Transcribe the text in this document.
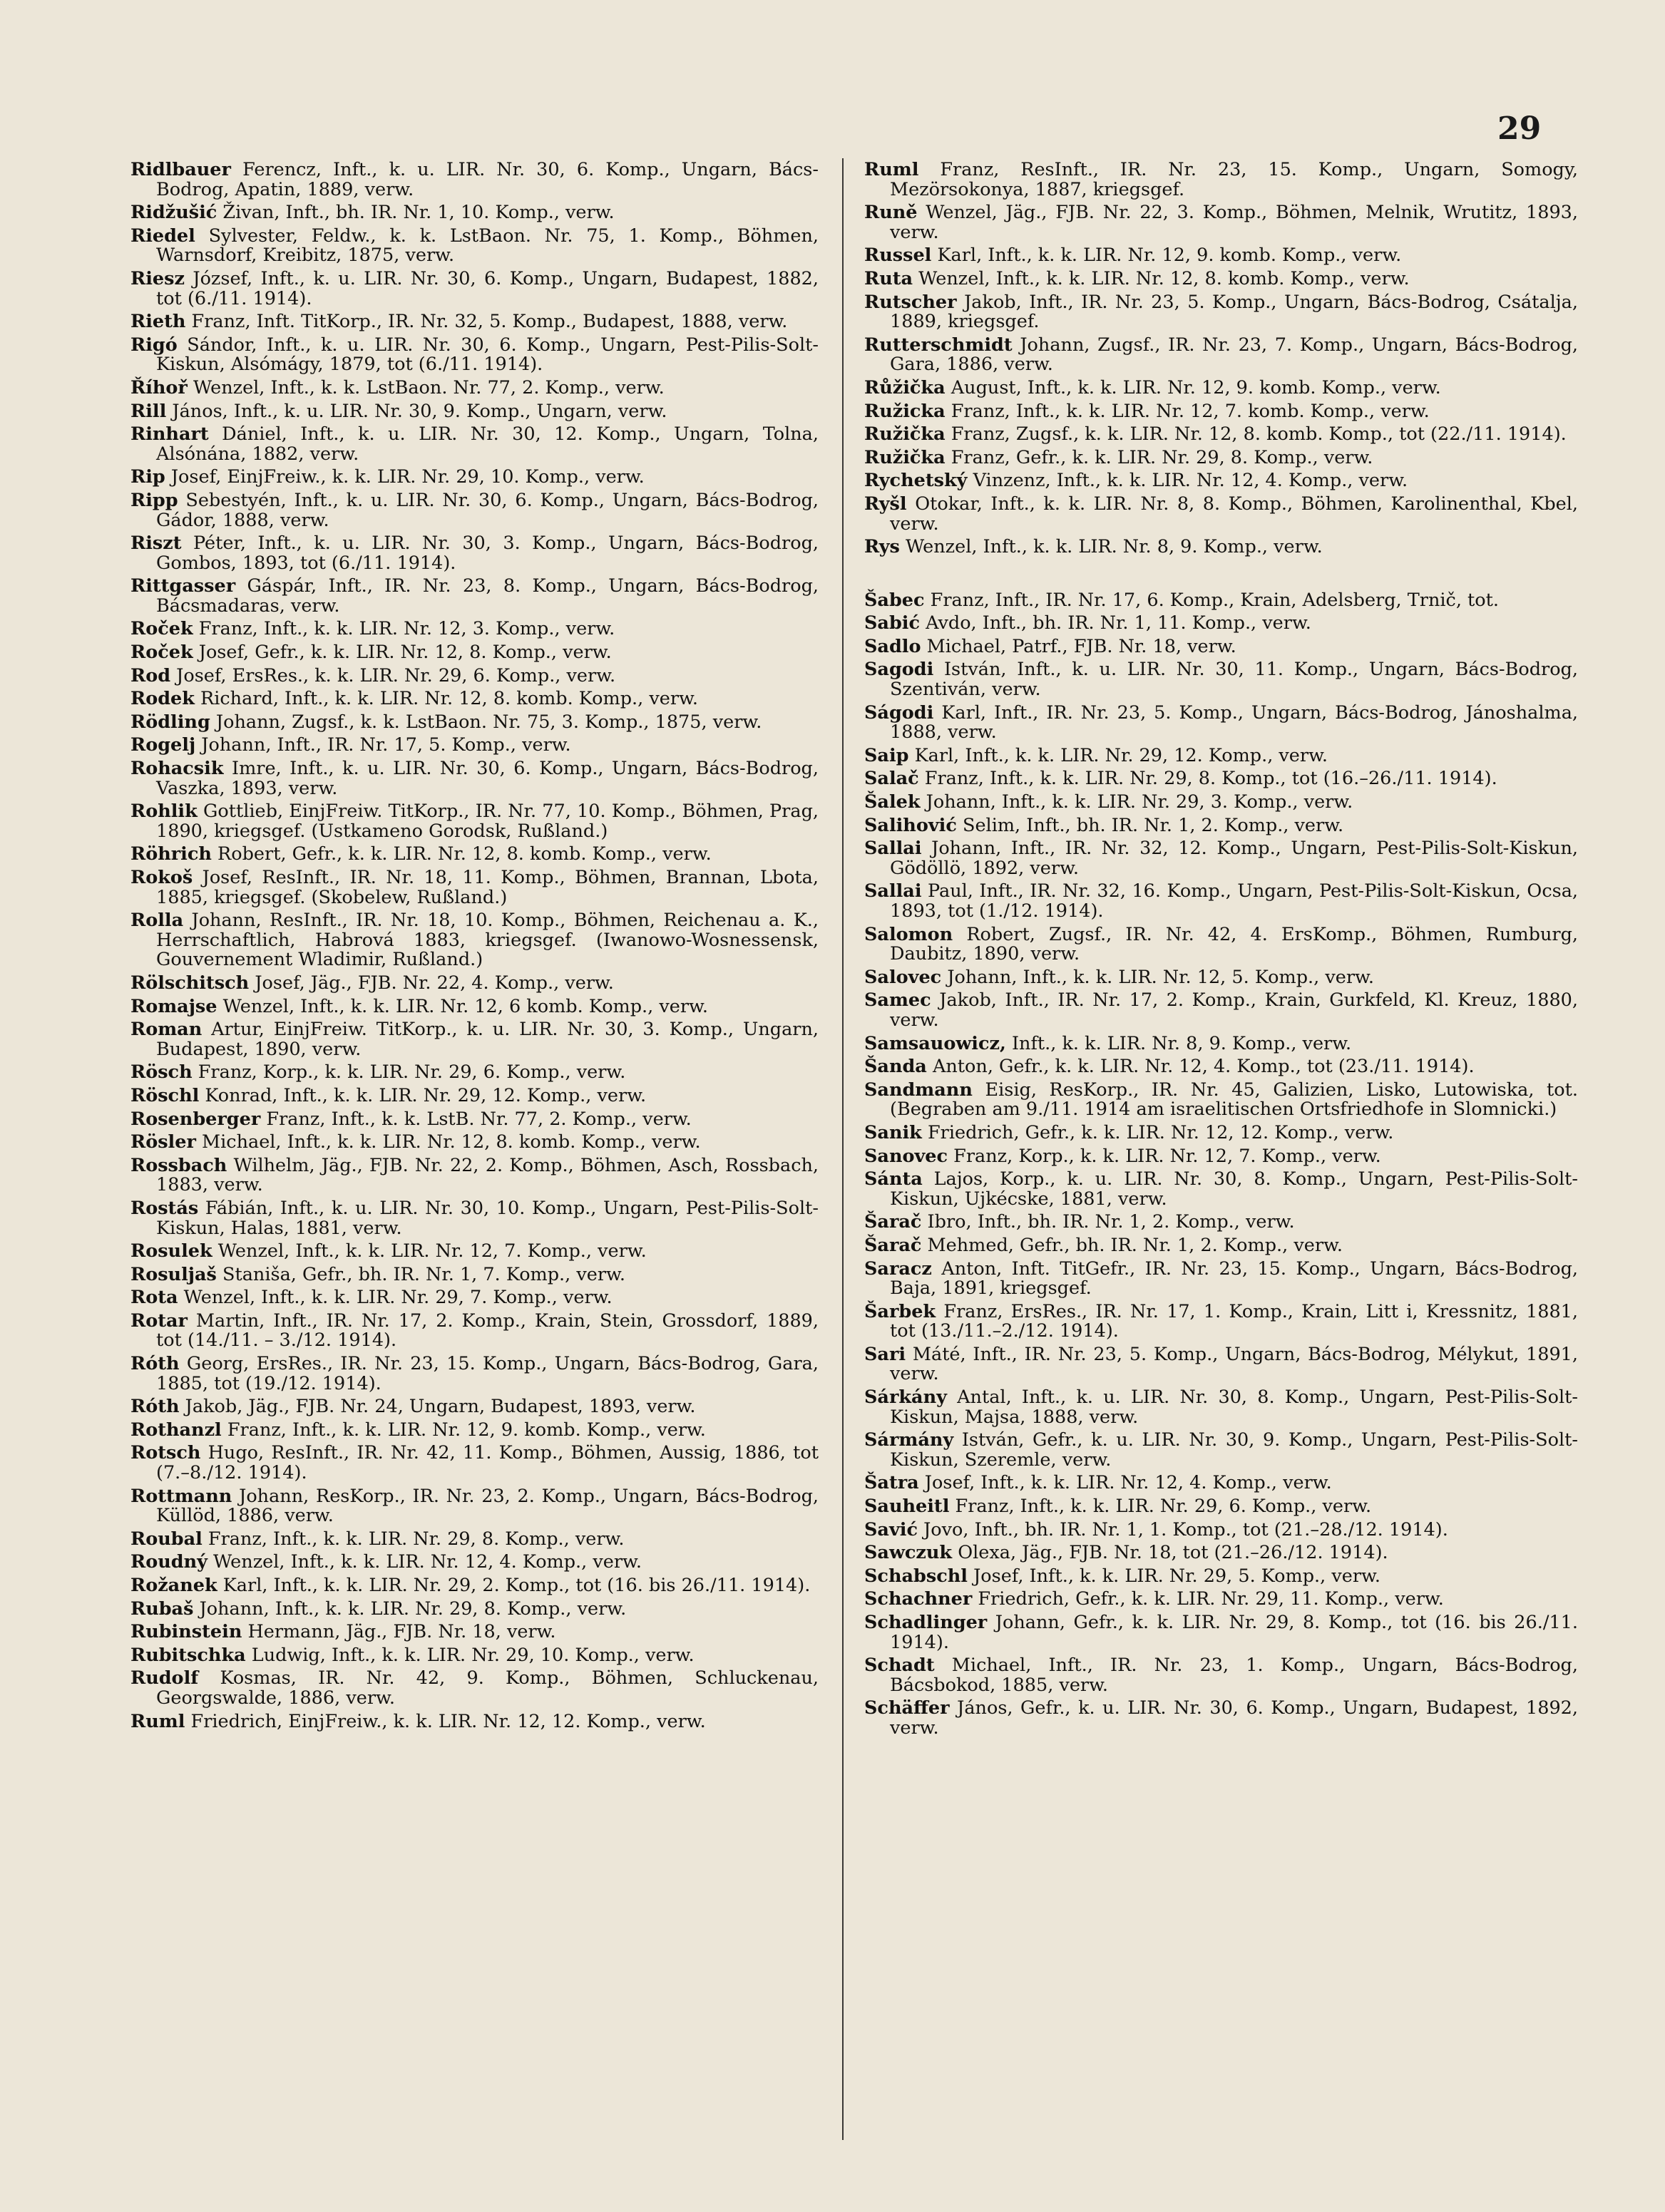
29
Ridlbauer Ferencz, Inft., k. u. LIR. Nr. 30, 6. Komp., Ungarn, Bács-Bodrog, Apatin, 1889, verw.
Ridžušić Živan, Inft., bh. IR. Nr. 1, 10. Komp., verw.
Riedel Sylvester, Feldw., k. k. LstBaon. Nr. 75, 1. Komp., Böhmen, Warnsdorf, Kreibitz, 1875, verw.
Riesz József, Inft., k. u. LIR. Nr. 30, 6. Komp., Ungarn, Budapest, 1882, tot (6./11. 1914).
Rieth Franz, Inft. TitKorp., IR. Nr. 32, 5. Komp., Budapest, 1888, verw.
Rigó Sándor, Inft., k. u. LIR. Nr. 30, 6. Komp., Ungarn, Pest-Pilis-Solt-Kiskun, Alsómágy, 1879, tot (6./11. 1914).
Říhoř Wenzel, Inft., k. k. LstBaon. Nr. 77, 2. Komp., verw.
Rill János, Inft., k. u. LIR. Nr. 30, 9. Komp., Ungarn, verw.
Rinhart Dániel, Inft., k. u. LIR. Nr. 30, 12. Komp., Ungarn, Tolna, Alsónána, 1882, verw.
Rip Josef, EinjFreiw., k. k. LIR. Nr. 29, 10. Komp., verw.
Ripp Sebestyén, Inft., k. u. LIR. Nr. 30, 6. Komp., Ungarn, Bács-Bodrog, Gádor, 1888, verw.
Riszt Péter, Inft., k. u. LIR. Nr. 30, 3. Komp., Ungarn, Bács-Bodrog, Gombos, 1893, tot (6./11. 1914).
Rittgasser Gáspár, Inft., IR. Nr. 23, 8. Komp., Ungarn, Bács-Bodrog, Bácsmadaras, verw.
Roček Franz, Inft., k. k. LIR. Nr. 12, 3. Komp., verw.
Roček Josef, Gefr., k. k. LIR. Nr. 12, 8. Komp., verw.
Rod Josef, ErsRes., k. k. LIR. Nr. 29, 6. Komp., verw.
Rodek Richard, Inft., k. k. LIR. Nr. 12, 8. komb. Komp., verw.
Rödling Johann, Zugsf., k. k. LstBaon. Nr. 75, 3. Komp., 1875, verw.
Rogelj Johann, Inft., IR. Nr. 17, 5. Komp., verw.
Rohacsik Imre, Inft., k. u. LIR. Nr. 30, 6. Komp., Ungarn, Bács-Bodrog, Vaszka, 1893, verw.
Rohlik Gottlieb, EinjFreiw. TitKorp., IR. Nr. 77, 10. Komp., Böhmen, Prag, 1890, kriegsgef. (Ustkameno Gorodsk, Rußland.)
Röhrich Robert, Gefr., k. k. LIR. Nr. 12, 8. komb. Komp., verw.
Rokoš Josef, ResInft., IR. Nr. 18, 11. Komp., Böhmen, Brannan, Lbota, 1885, kriegsgef. (Skobelew, Rußland.)
Rolla Johann, ResInft., IR. Nr. 18, 10. Komp., Böhmen, Reichenau a. K., Herrschaftlich, Habrová 1883, kriegsgef. (Iwanowo-Wosnessensk, Gouvernement Wladimir, Rußland.)
Rölschitsch Josef, Jäg., FJB. Nr. 22, 4. Komp., verw.
Romajse Wenzel, Inft., k. k. LIR. Nr. 12, 6 komb. Komp., verw.
Roman Artur, EinjFreiw. TitKorp., k. u. LIR. Nr. 30, 3. Komp., Ungarn, Budapest, 1890, verw.
Rösch Franz, Korp., k. k. LIR. Nr. 29, 6. Komp., verw.
Röschl Konrad, Inft., k. k. LIR. Nr. 29, 12. Komp., verw.
Rosenberger Franz, Inft., k. k. LstB. Nr. 77, 2. Komp., verw.
Rösler Michael, Inft., k. k. LIR. Nr. 12, 8. komb. Komp., verw.
Rossbach Wilhelm, Jäg., FJB. Nr. 22, 2. Komp., Böhmen, Asch, Rossbach, 1883, verw.
Rostás Fábián, Inft., k. u. LIR. Nr. 30, 10. Komp., Ungarn, Pest-Pilis-Solt-Kiskun, Halas, 1881, verw.
Rosulek Wenzel, Inft., k. k. LIR. Nr. 12, 7. Komp., verw.
Rosuljaš Staniša, Gefr., bh. IR. Nr. 1, 7. Komp., verw.
Rota Wenzel, Inft., k. k. LIR. Nr. 29, 7. Komp., verw.
Rotar Martin, Inft., IR. Nr. 17, 2. Komp., Krain, Stein, Grossdorf, 1889, tot (14./11. – 3./12. 1914).
Róth Georg, ErsRes., IR. Nr. 23, 15. Komp., Ungarn, Bács-Bodrog, Gara, 1885, tot (19./12. 1914).
Róth Jakob, Jäg., FJB. Nr. 24, Ungarn, Budapest, 1893, verw.
Rothanzl Franz, Inft., k. k. LIR. Nr. 12, 9. komb. Komp., verw.
Rotsch Hugo, ResInft., IR. Nr. 42, 11. Komp., Böhmen, Aussig, 1886, tot (7.–8./12. 1914).
Rottmann Johann, ResKorp., IR. Nr. 23, 2. Komp., Ungarn, Bács-Bodrog, Küllöd, 1886, verw.
Roubal Franz, Inft., k. k. LIR. Nr. 29, 8. Komp., verw.
Roudný Wenzel, Inft., k. k. LIR. Nr. 12, 4. Komp., verw.
Rožanek Karl, Inft., k. k. LIR. Nr. 29, 2. Komp., tot (16. bis 26./11. 1914).
Rubaš Johann, Inft., k. k. LIR. Nr. 29, 8. Komp., verw.
Rubinstein Hermann, Jäg., FJB. Nr. 18, verw.
Rubitschka Ludwig, Inft., k. k. LIR. Nr. 29, 10. Komp., verw.
Rudolf Kosmas, IR. Nr. 42, 9. Komp., Böhmen, Schluckenau, Georgswalde, 1886, verw.
Ruml Friedrich, EinjFreiw., k. k. LIR. Nr. 12, 12. Komp., verw.
Ruml Franz, ResInft., IR. Nr. 23, 15. Komp., Ungarn, Somogy, Mezörsokonya, 1887, kriegsgef.
Runě Wenzel, Jäg., FJB. Nr. 22, 3. Komp., Böhmen, Melnik, Wrutitz, 1893, verw.
Russel Karl, Inft., k. k. LIR. Nr. 12, 9. komb. Komp., verw.
Ruta Wenzel, Inft., k. k. LIR. Nr. 12, 8. komb. Komp., verw.
Rutscher Jakob, Inft., IR. Nr. 23, 5. Komp., Ungarn, Bács-Bodrog, Csátalja, 1889, kriegsgef.
Rutterschmidt Johann, Zugsf., IR. Nr. 23, 7. Komp., Ungarn, Bács-Bodrog, Gara, 1886, verw.
Růžička August, Inft., k. k. LIR. Nr. 12, 9. komb. Komp., verw.
Ružicka Franz, Inft., k. k. LIR. Nr. 12, 7. komb. Komp., verw.
Ružička Franz, Zugsf., k. k. LIR. Nr. 12, 8. komb. Komp., tot (22./11. 1914).
Ružička Franz, Gefr., k. k. LIR. Nr. 29, 8. Komp., verw.
Rychetský Vinzenz, Inft., k. k. LIR. Nr. 12, 4. Komp., verw.
Ryšl Otokar, Inft., k. k. LIR. Nr. 8, 8. Komp., Böhmen, Karolinenthal, Kbel, verw.
Rys Wenzel, Inft., k. k. LIR. Nr. 8, 9. Komp., verw.
Šabec Franz, Inft., IR. Nr. 17, 6. Komp., Krain, Adelsberg, Trnič, tot.
Sabić Avdo, Inft., bh. IR. Nr. 1, 11. Komp., verw.
Sadlo Michael, Patrf., FJB. Nr. 18, verw.
Sagodi István, Inft., k. u. LIR. Nr. 30, 11. Komp., Ungarn, Bács-Bodrog, Szentiván, verw.
Ságodi Karl, Inft., IR. Nr. 23, 5. Komp., Ungarn, Bács-Bodrog, Jánoshalma, 1888, verw.
Saip Karl, Inft., k. k. LIR. Nr. 29, 12. Komp., verw.
Salač Franz, Inft., k. k. LIR. Nr. 29, 8. Komp., tot (16.–26./11. 1914).
Šalek Johann, Inft., k. k. LIR. Nr. 29, 3. Komp., verw.
Salihović Selim, Inft., bh. IR. Nr. 1, 2. Komp., verw.
Sallai Johann, Inft., IR. Nr. 32, 12. Komp., Ungarn, Pest-Pilis-Solt-Kiskun, Gödöllö, 1892, verw.
Sallai Paul, Inft., IR. Nr. 32, 16. Komp., Ungarn, Pest-Pilis-Solt-Kiskun, Ocsa, 1893, tot (1./12. 1914).
Salomon Robert, Zugsf., IR. Nr. 42, 4. ErsKomp., Böhmen, Rumburg, Daubitz, 1890, verw.
Salovec Johann, Inft., k. k. LIR. Nr. 12, 5. Komp., verw.
Samec Jakob, Inft., IR. Nr. 17, 2. Komp., Krain, Gurkfeld, Kl. Kreuz, 1880, verw.
Samsauowicz, Inft., k. k. LIR. Nr. 8, 9. Komp., verw.
Šanda Anton, Gefr., k. k. LIR. Nr. 12, 4. Komp., tot (23./11. 1914).
Sandmann Eisig, ResKorp., IR. Nr. 45, Galizien, Lisko, Lutowiska, tot. (Begraben am 9./11. 1914 am israelitischen Ortsfriedhofe in Slomnicki.)
Sanik Friedrich, Gefr., k. k. LIR. Nr. 12, 12. Komp., verw.
Sanovec Franz, Korp., k. k. LIR. Nr. 12, 7. Komp., verw.
Sánta Lajos, Korp., k. u. LIR. Nr. 30, 8. Komp., Ungarn, Pest-Pilis-Solt-Kiskun, Ujkécske, 1881, verw.
Šarač Ibro, Inft., bh. IR. Nr. 1, 2. Komp., verw.
Šarač Mehmed, Gefr., bh. IR. Nr. 1, 2. Komp., verw.
Saracz Anton, Inft. TitGefr., IR. Nr. 23, 15. Komp., Ungarn, Bács-Bodrog, Baja, 1891, kriegsgef.
Šarbek Franz, ErsRes., IR. Nr. 17, 1. Komp., Krain, Litt i, Kressnitz, 1881, tot (13./11.–2./12. 1914).
Sari Máté, Inft., IR. Nr. 23, 5. Komp., Ungarn, Bács-Bodrog, Mélykut, 1891, verw.
Sárkány Antal, Inft., k. u. LIR. Nr. 30, 8. Komp., Ungarn, Pest-Pilis-Solt-Kiskun, Majsa, 1888, verw.
Sármány István, Gefr., k. u. LIR. Nr. 30, 9. Komp., Ungarn, Pest-Pilis-Solt-Kiskun, Szeremle, verw.
Šatra Josef, Inft., k. k. LIR. Nr. 12, 4. Komp., verw.
Sauheitl Franz, Inft., k. k. LIR. Nr. 29, 6. Komp., verw.
Savić Jovo, Inft., bh. IR. Nr. 1, 1. Komp., tot (21.–28./12. 1914).
Sawczuk Olexa, Jäg., FJB. Nr. 18, tot (21.–26./12. 1914).
Schabschl Josef, Inft., k. k. LIR. Nr. 29, 5. Komp., verw.
Schachner Friedrich, Gefr., k. k. LIR. Nr. 29, 11. Komp., verw.
Schadlinger Johann, Gefr., k. k. LIR. Nr. 29, 8. Komp., tot (16. bis 26./11. 1914).
Schadt Michael, Inft., IR. Nr. 23, 1. Komp., Ungarn, Bács-Bodrog, Bácsbokod, 1885, verw.
Schäffer János, Gefr., k. u. LIR. Nr. 30, 6. Komp., Ungarn, Budapest, 1892, verw.
